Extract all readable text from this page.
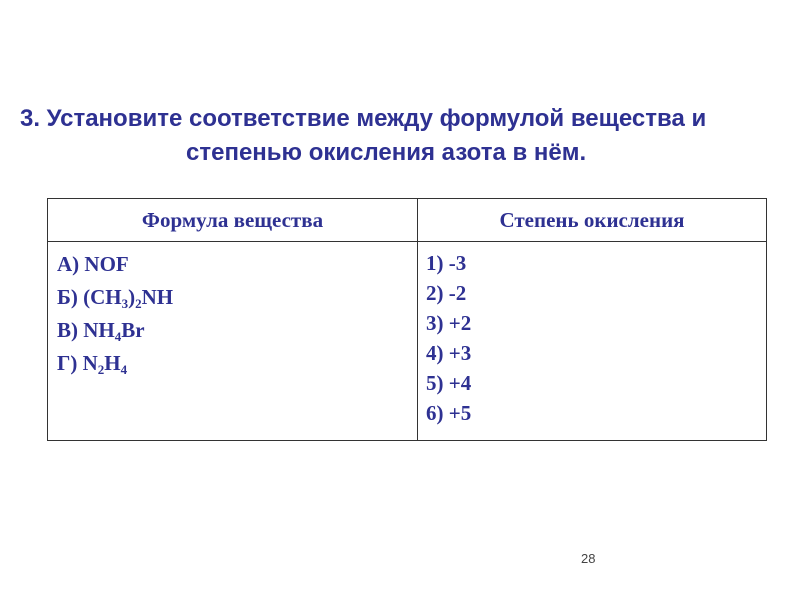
3. Установите соответствие между формулой вещества и
степенью окисления азота в нём.
Формула вещества	Степень окисления
А) NOF
Б) $(CH_3)_2NH$
В) $NH_4Br$
Г) $N_2H_4$
1) -3
2) -2
3) +2
4) +3
5) +4
6) +5
28
